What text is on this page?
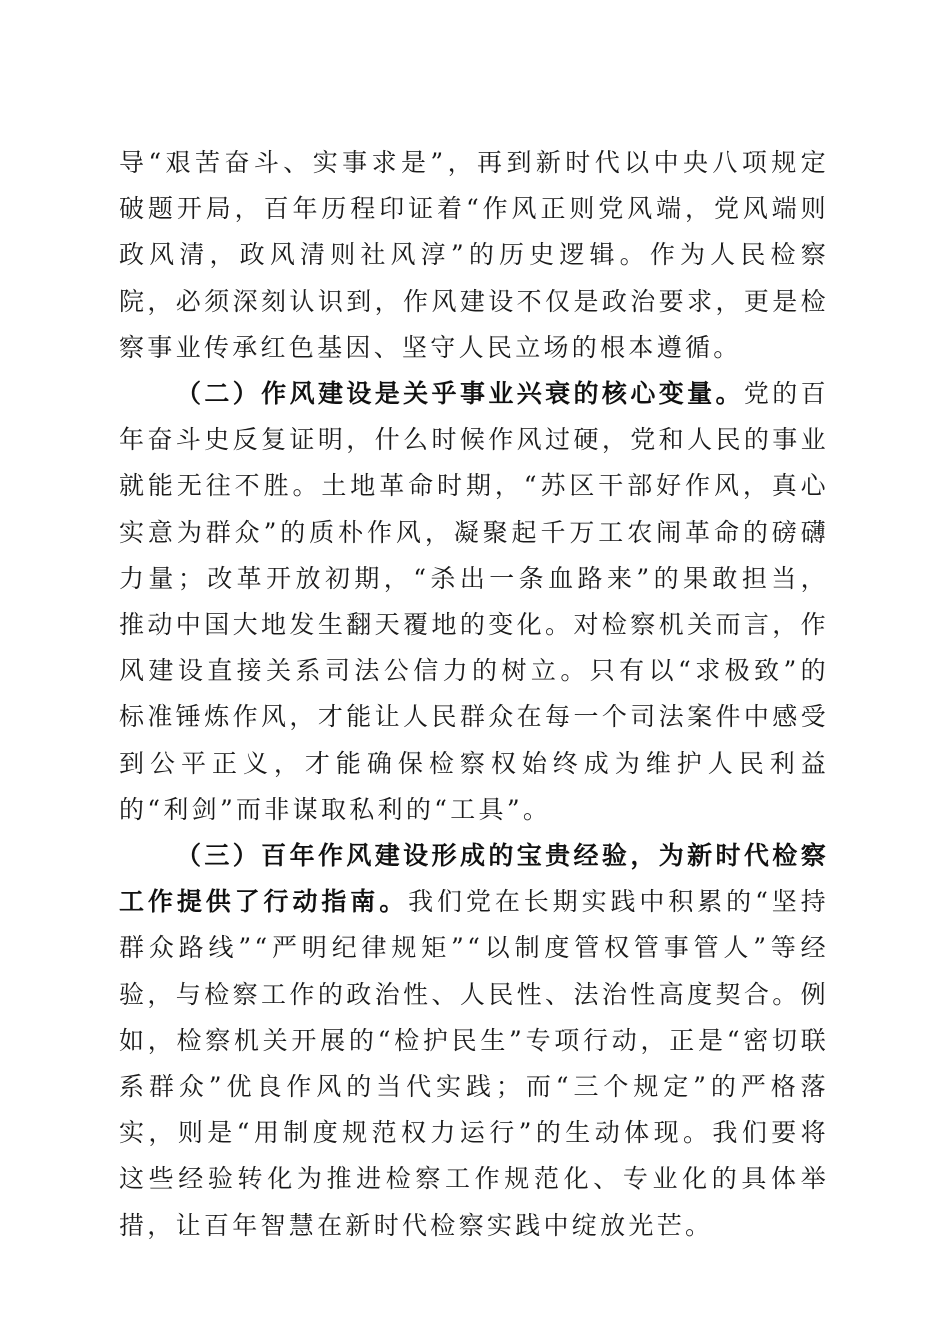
导“艰苦奋斗、实事求是”，再到新时代以中央八项规定破题开局，百年历程印证着“作风正则党风端，党风端则政风清，政风清则社风淳”的历史逻辑。作为人民检察院，必须深刻认识到，作风建设不仅是政治要求，更是检察事业传承红色基因、坚守人民立场的根本遵循。

（二）作风建设是关乎事业兴衰的核心变量。党的百年奋斗史反复证明，什么时候作风过硬，党和人民的事业就能无往不胜。土地革命时期，“苏区干部好作风，真心实意为群众”的质朴作风，凝聚起千万工农闹革命的磅礴力量；改革开放初期，“杀出一条血路来”的果敢担当，推动中国大地发生翻天覆地的变化。对检察机关而言，作风建设直接关系司法公信力的树立。只有以“求极致”的标准锤炼作风，才能让人民群众在每一个司法案件中感受到公平正义，才能确保检察权始终成为维护人民利益的“利剑”而非谋取私利的“工具”。

（三）百年作风建设形成的宝贵经验，为新时代检察工作提供了行动指南。我们党在长期实践中积累的“坚持群众路线”“严明纪律规矩”“以制度管权管事管人”等经验，与检察工作的政治性、人民性、法治性高度契合。例如，检察机关开展的“检护民生”专项行动，正是“密切联系群众”优良作风的当代实践；而“三个规定”的严格落实，则是“用制度规范权力运行”的生动体现。我们要将这些经验转化为推进检察工作规范化、专业化的具体举措，让百年智慧在新时代检察实践中绽放光芒。
